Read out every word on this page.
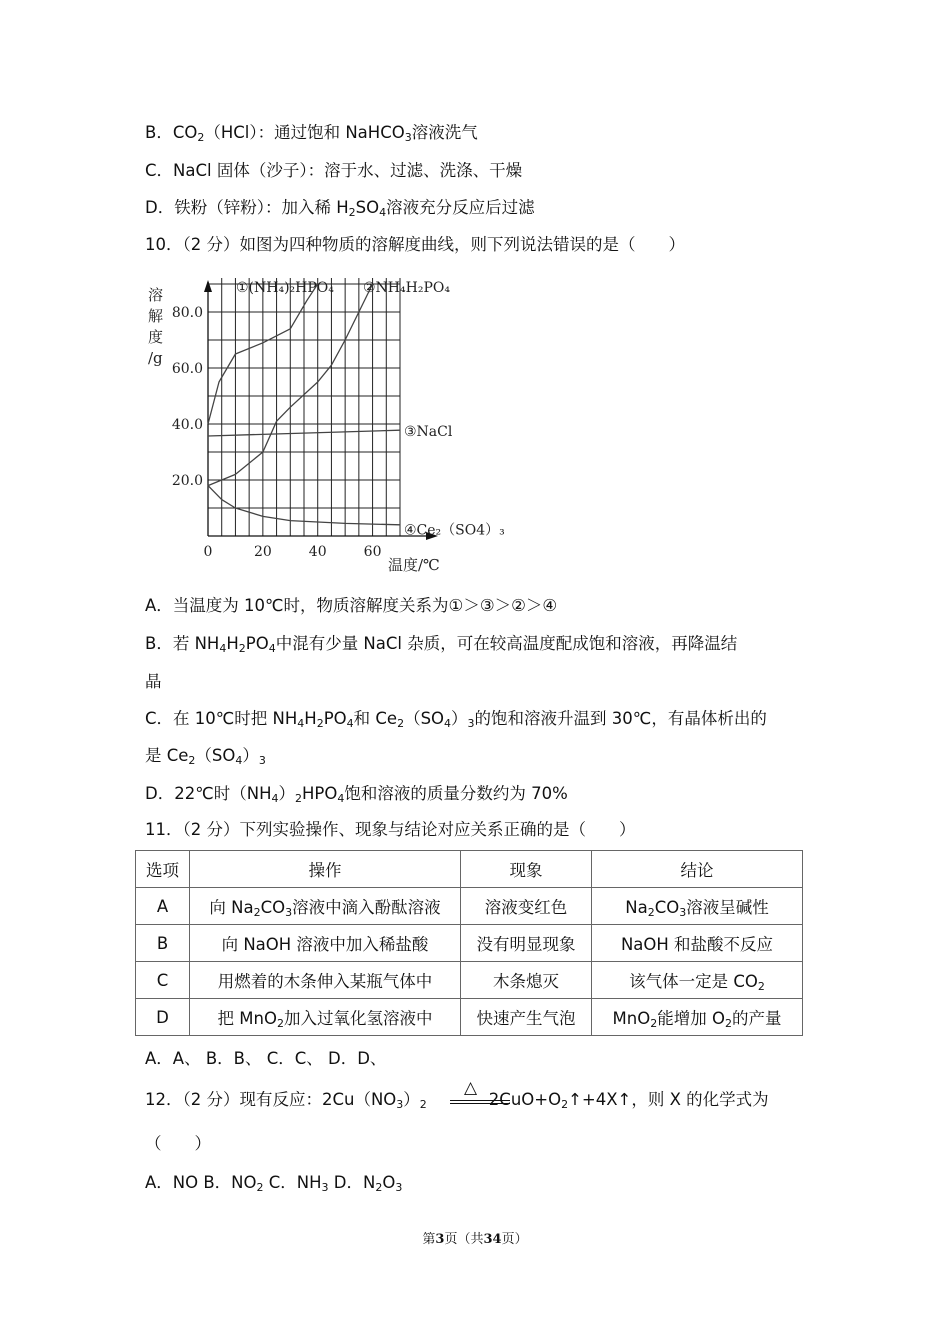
B．$CO_2(HCl)$：通过饱和 NaHCO$_3$溶液洗气
C．NaCl 固体（沙子）：溶于水、过滤、洗涤、干燥
D．铁粉（锌粉）：加入稀 $H_2SO_4$溶液充分反应后过滤
10．（2 分）如图为四种物质的溶解度曲线，则下列说法错误的是（　　）
0	20	40	60
20.0
40.0
60.0
80.0
溶
解
度
/g
温度/℃
①(NH₄)₂HPO₄ ②NH₄H₂PO₄
③NaCl
④Ce₂（SO4）₃
A．当温度为 10℃时，物质溶解度关系为①＞③＞②＞④
B．若 $NH_4H_2PO_4$中混有少量 NaCl 杂质，可在较高温度配成饱和溶液，再降温结
晶
C．在 10℃时把 $NH_4H_2PO_4$和 $Ce_2(SO_4)_3$的饱和溶液升温到 30℃，有晶体析出的
是 $Ce_2(SO_4)_3$
D．22℃时$(NH_4)_2HPO_4$饱和溶液的质量分数约为 70%
11．（2 分）下列实验操作、现象与结论对应关系正确的是（　　）
选项	操作	现象	结论
A	向 $Na_2CO_3$溶液中滴入酚酞溶液	溶液变红色	$Na_2CO_3$溶液呈碱性
B	向 NaOH 溶液中加入稀盐酸	没有明显现象	NaOH 和盐酸不反应
C	用燃着的木条伸入某瓶气体中	木条熄灭	该气体一定是 $CO_2$
D	把 MnO$_2$加入过氧化氢溶液中	快速产生气泡	MnO$_2$能增加 $O_2$的产量
A．A、 B．B、 C．C、 D．D、
12．（2 分）现有反应：$2Cu(NO_3)_2$	$2CuO+O_2↑+4X↑$，则 X 的化学式为
△
（　　）
A．NO B．$NO_2$ C．$NH_3$ D．$N_2O_3$
第3页（共34页）
